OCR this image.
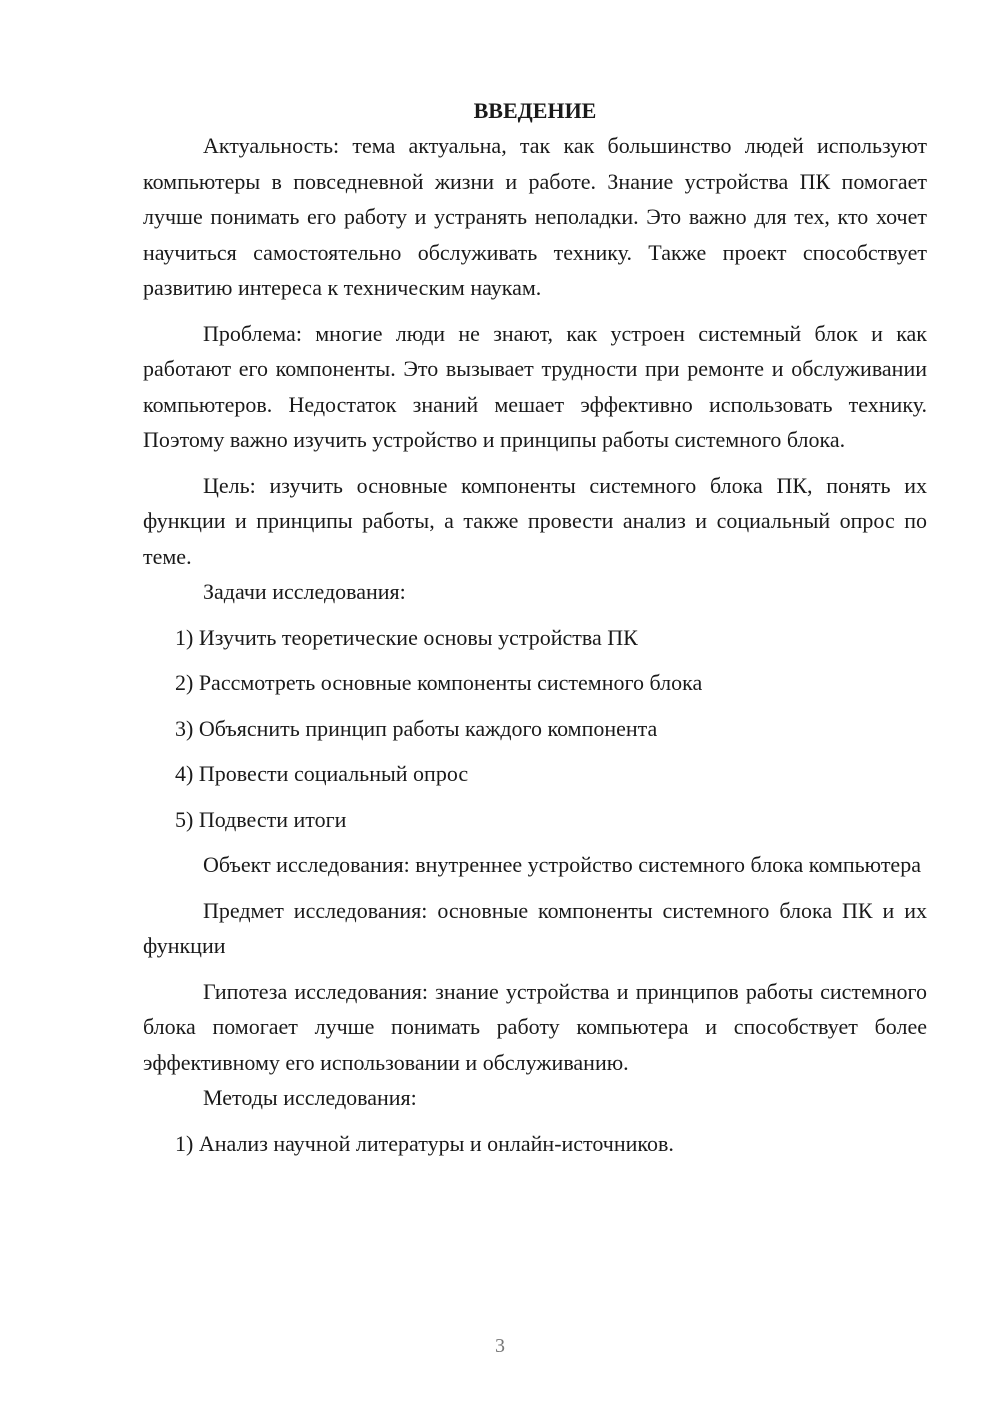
ВВЕДЕНИЕ

Актуальность: тема актуальна, так как большинство людей используют компьютеры в повседневной жизни и работе. Знание устройства ПК помогает лучше понимать его работу и устранять неполадки. Это важно для тех, кто хочет научиться самостоятельно обслуживать технику. Также проект способствует развитию интереса к техническим наукам.

Проблема: многие люди не знают, как устроен системный блок и как работают его компоненты. Это вызывает трудности при ремонте и обслуживании компьютеров. Недостаток знаний мешает эффективно использовать технику. Поэтому важно изучить устройство и принципы работы системного блока.

Цель: изучить основные компоненты системного блока ПК, понять их функции и принципы работы, а также провести анализ и социальный опрос по теме.

Задачи исследования:

1) Изучить теоретические основы устройства ПК

2) Рассмотреть основные компоненты системного блока

3) Объяснить принцип работы каждого компонента

4) Провести социальный опрос

5) Подвести итоги

Объект исследования: внутреннее устройство системного блока компьютера

Предмет исследования: основные компоненты системного блока ПК и их функции

Гипотеза исследования: знание устройства и принципов работы системного блока помогает лучше понимать работу компьютера и способствует более эффективному его использовании и обслуживанию.

Методы исследования:

1) Анализ научной литературы и онлайн-источников.

3
